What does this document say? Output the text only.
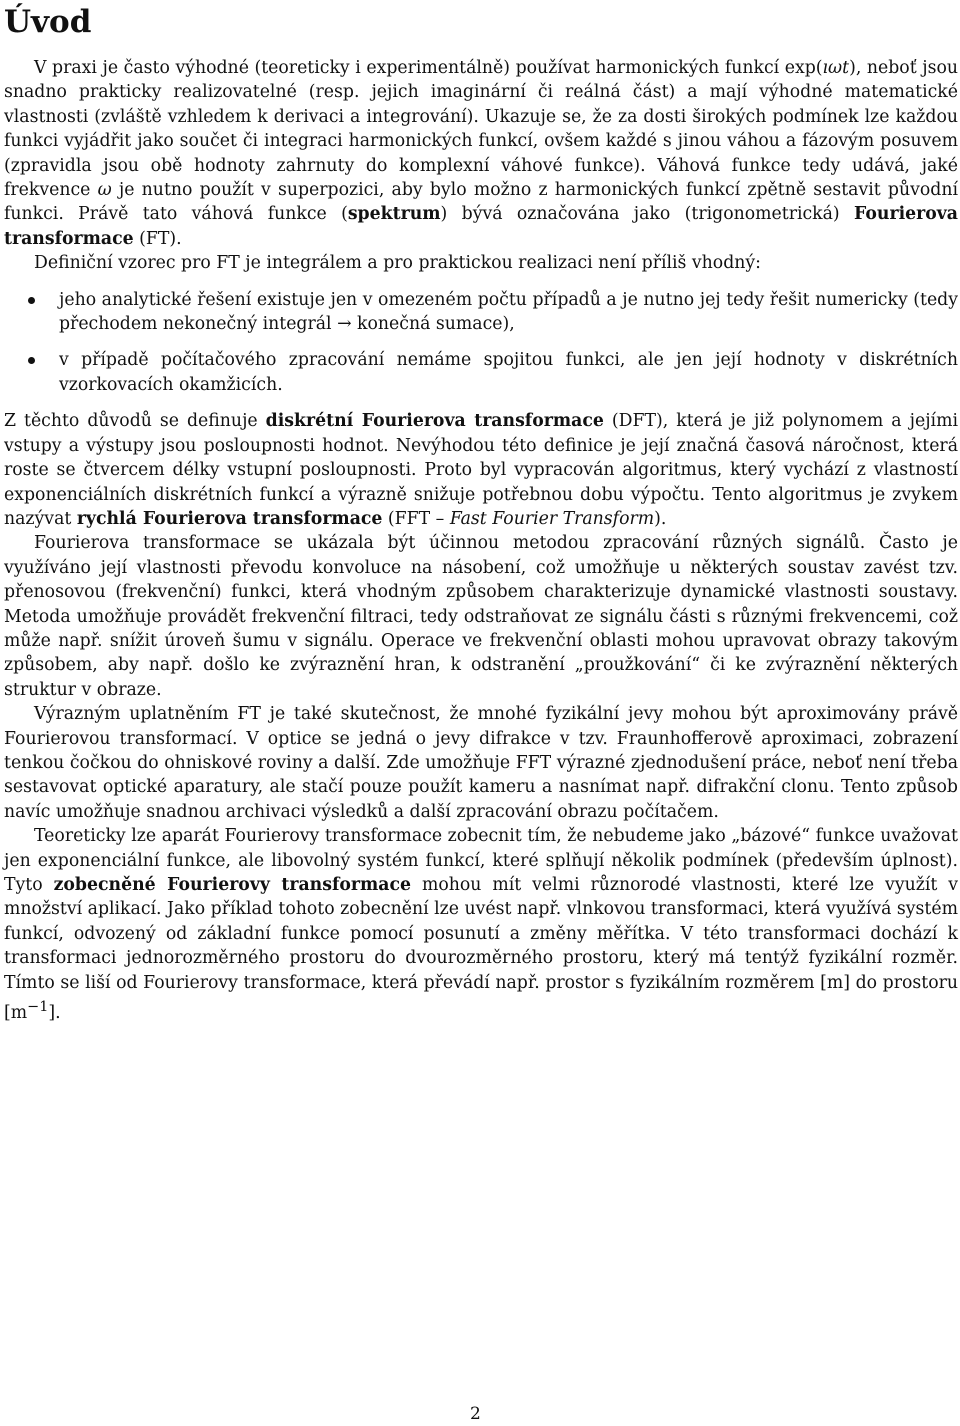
Úvod

V praxi je často výhodné (teoreticky i experimentálně) používat harmonických funkcí exp(ıωt), neboť jsou snadno prakticky realizovatelné (resp. jejich imaginární či reálná část) a mají výhodné matematické vlastnosti (zvláště vzhledem k derivaci a integrování). Ukazuje se, že za dosti širokých podmínek lze každou funkci vyjádřit jako součet či integraci harmonických funkcí, ovšem každé s jinou váhou a fázovým posuvem (zpravidla jsou obě hodnoty zahrnuty do komplexní váhové funkce). Váhová funkce tedy udává, jaké frekvence ω je nutno použít v superpozici, aby bylo možno z harmonických funkcí zpětně sestavit původní funkci. Právě tato váhová funkce (spektrum) bývá označována jako (trigonometrická) Fourierova transformace (FT).

Definiční vzorec pro FT je integrálem a pro praktickou realizaci není příliš vhodný:

jeho analytické řešení existuje jen v omezeném počtu případů a je nutno jej tedy řešit numericky (tedy přechodem nekonečný integrál → konečná sumace),
v případě počítačového zpracování nemáme spojitou funkci, ale jen její hodnoty v diskrétních vzorkovacích okamžicích.

Z těchto důvodů se definuje diskrétní Fourierova transformace (DFT), která je již polynomem a jejími vstupy a výstupy jsou posloupnosti hodnot. Nevýhodou této definice je její značná časová náročnost, která roste se čtvercem délky vstupní posloupnosti. Proto byl vypracován algoritmus, který vychází z vlastností exponenciálních diskrétních funkcí a výrazně snižuje potřebnou dobu výpočtu. Tento algoritmus je zvykem nazývat rychlá Fourierova transformace (FFT – Fast Fourier Transform).

Fourierova transformace se ukázala být účinnou metodou zpracování různých signálů. Často je využíváno její vlastnosti převodu konvoluce na násobení, což umožňuje u některých soustav zavést tzv. přenosovou (frekvenční) funkci, která vhodným způsobem charakterizuje dynamické vlastnosti soustavy. Metoda umožňuje provádět frekvenční filtraci, tedy odstraňovat ze signálu části s různými frekvencemi, což může např. snížit úroveň šumu v signálu. Operace ve frekvenční oblasti mohou upravovat obrazy takovým způsobem, aby např. došlo ke zvýraznění hran, k odstranění „proužkování“ či ke zvýraznění některých struktur v obraze.

Výrazným uplatněním FT je také skutečnost, že mnohé fyzikální jevy mohou být aproximovány právě Fourierovou transformací. V optice se jedná o jevy difrakce v tzv. Fraunhofferově aproximaci, zobrazení tenkou čočkou do ohniskové roviny a další. Zde umožňuje FFT výrazné zjednodušení práce, neboť není třeba sestavovat optické aparatury, ale stačí pouze použít kameru a nasnímat např. difrakční clonu. Tento způsob navíc umožňuje snadnou archivaci výsledků a další zpracování obrazu počítačem.

Teoreticky lze aparát Fourierovy transformace zobecnit tím, že nebudeme jako „bázové“ funkce uvažovat jen exponenciální funkce, ale libovolný systém funkcí, které splňují několik podmínek (především úplnost). Tyto zobecněné Fourierovy transformace mohou mít velmi různorodé vlastnosti, které lze využít v množství aplikací. Jako příklad tohoto zobecnění lze uvést např. vlnkovou transformaci, která využívá systém funkcí, odvozený od základní funkce pomocí posunutí a změny měřítka. V této transformaci dochází k transformaci jednorozměrného prostoru do dvourozměrného prostoru, který má tentýž fyzikální rozměr. Tímto se liší od Fourierovy transformace, která převádí např. prostor s fyzikálním rozměrem [m] do prostoru $[m^{-1}]$.

2
